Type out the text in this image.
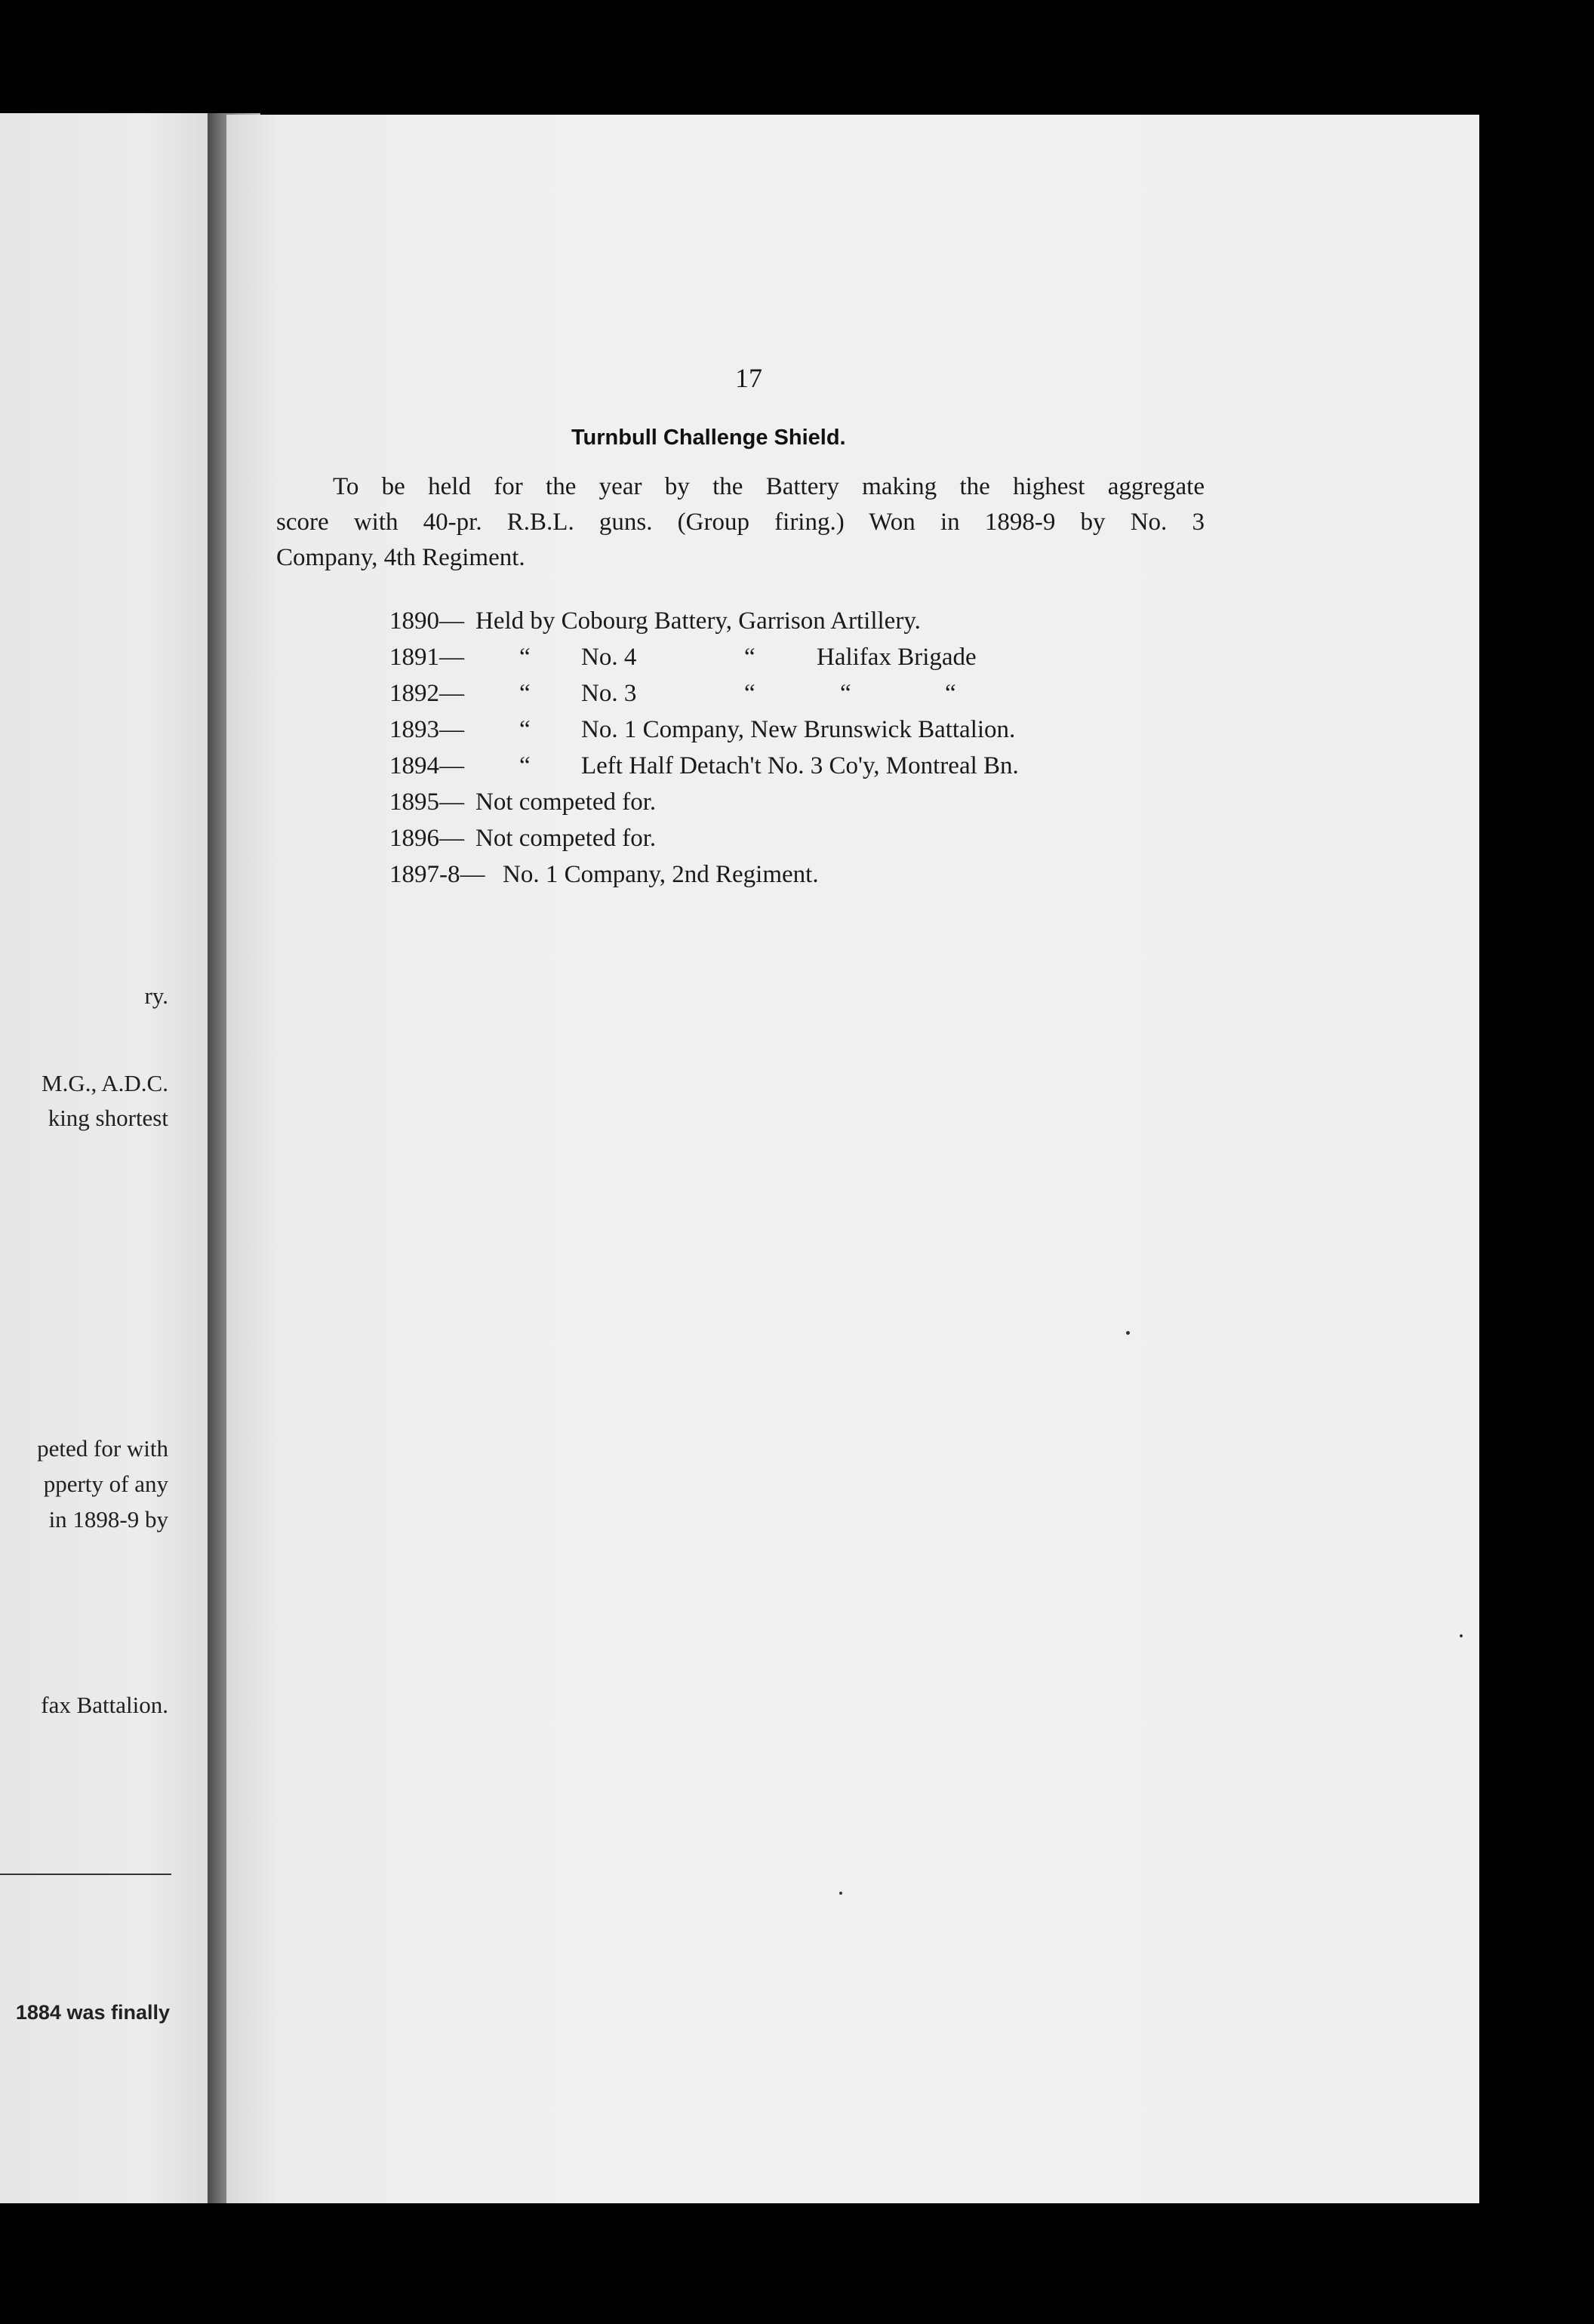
ry.
M.G., A.D.C.
king shortest
peted for with
pperty of any
in 1898-9 by
fax Battalion.
1884 was finally
17
Turnbull Challenge Shield.
To be held for the year by the Battery making the highest aggregate
score with 40-pr. R.B.L. guns. (Group firing.) Won in 1898-9 by No. 3
Company, 4th Regiment.
1890— Held by Cobourg Battery, Garrison Artillery.
1891— “ No. 4	“ Halifax Brigade
1892— “ No. 3	“	“	“
1893— “ No. 1 Company, New Brunswick Battalion.
1894— “ Left Half Detach't No. 3 Co'y, Montreal Bn.
1895— Not competed for.
1896— Not competed for.
1897-8— No. 1 Company, 2nd Regiment.
